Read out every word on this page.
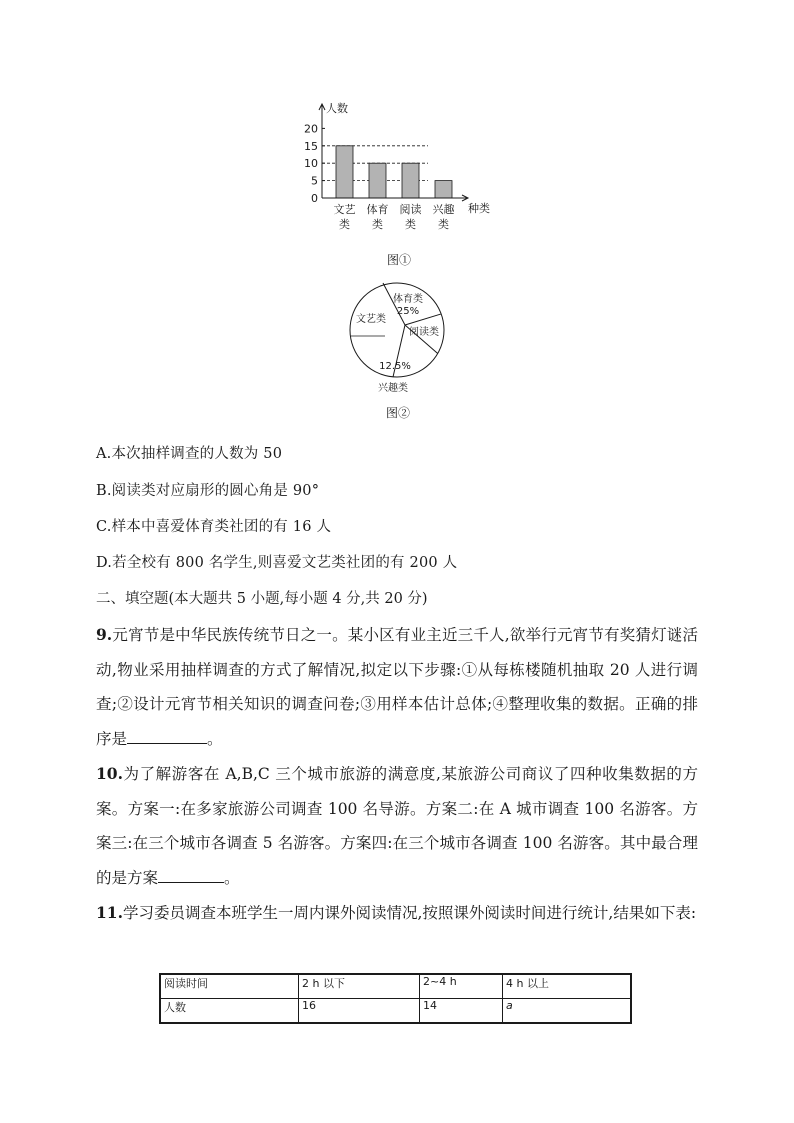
文艺
类
体育
类
阅读
类
兴趣
类
0
5
10
15
20
人数
种类
图①
体育类
25%
阅读类
12.5%
兴趣类
文艺类
图②
A.本次抽样调查的人数为 50
B.阅读类对应扇形的圆心角是 90°
C.样本中喜爱体育类社团的有 16 人
D.若全校有 800 名学生,则喜爱文艺类社团的有 200 人
二、填空题(本大题共 5 小题,每小题 4 分,共 20 分)

9.元宵节是中华民族传统节日之一。某小区有业主近三千人,欲举行元宵节有奖猜灯谜活动,物业采用抽样调查的方式了解情况,拟定以下步骤:①从每栋楼随机抽取 20 人进行调查;②设计元宵节相关知识的调查问卷;③用样本估计总体;④整理收集的数据。正确的排序是	。

10.为了解游客在 A,B,C 三个城市旅游的满意度,某旅游公司商议了四种收集数据的方案。方案一:在多家旅游公司调查 100 名导游。方案二:在 A 城市调查 100 名游客。方案三:在三个城市各调查 5 名游客。方案四:在三个城市各调查 100 名游客。其中最合理的是方案	。

11.学习委员调查本班学生一周内课外阅读情况,按照课外阅读时间进行统计,结果如下表:

阅读时间	2 h 以下	2~4 h	4 h 以上
人数	16	14	a
